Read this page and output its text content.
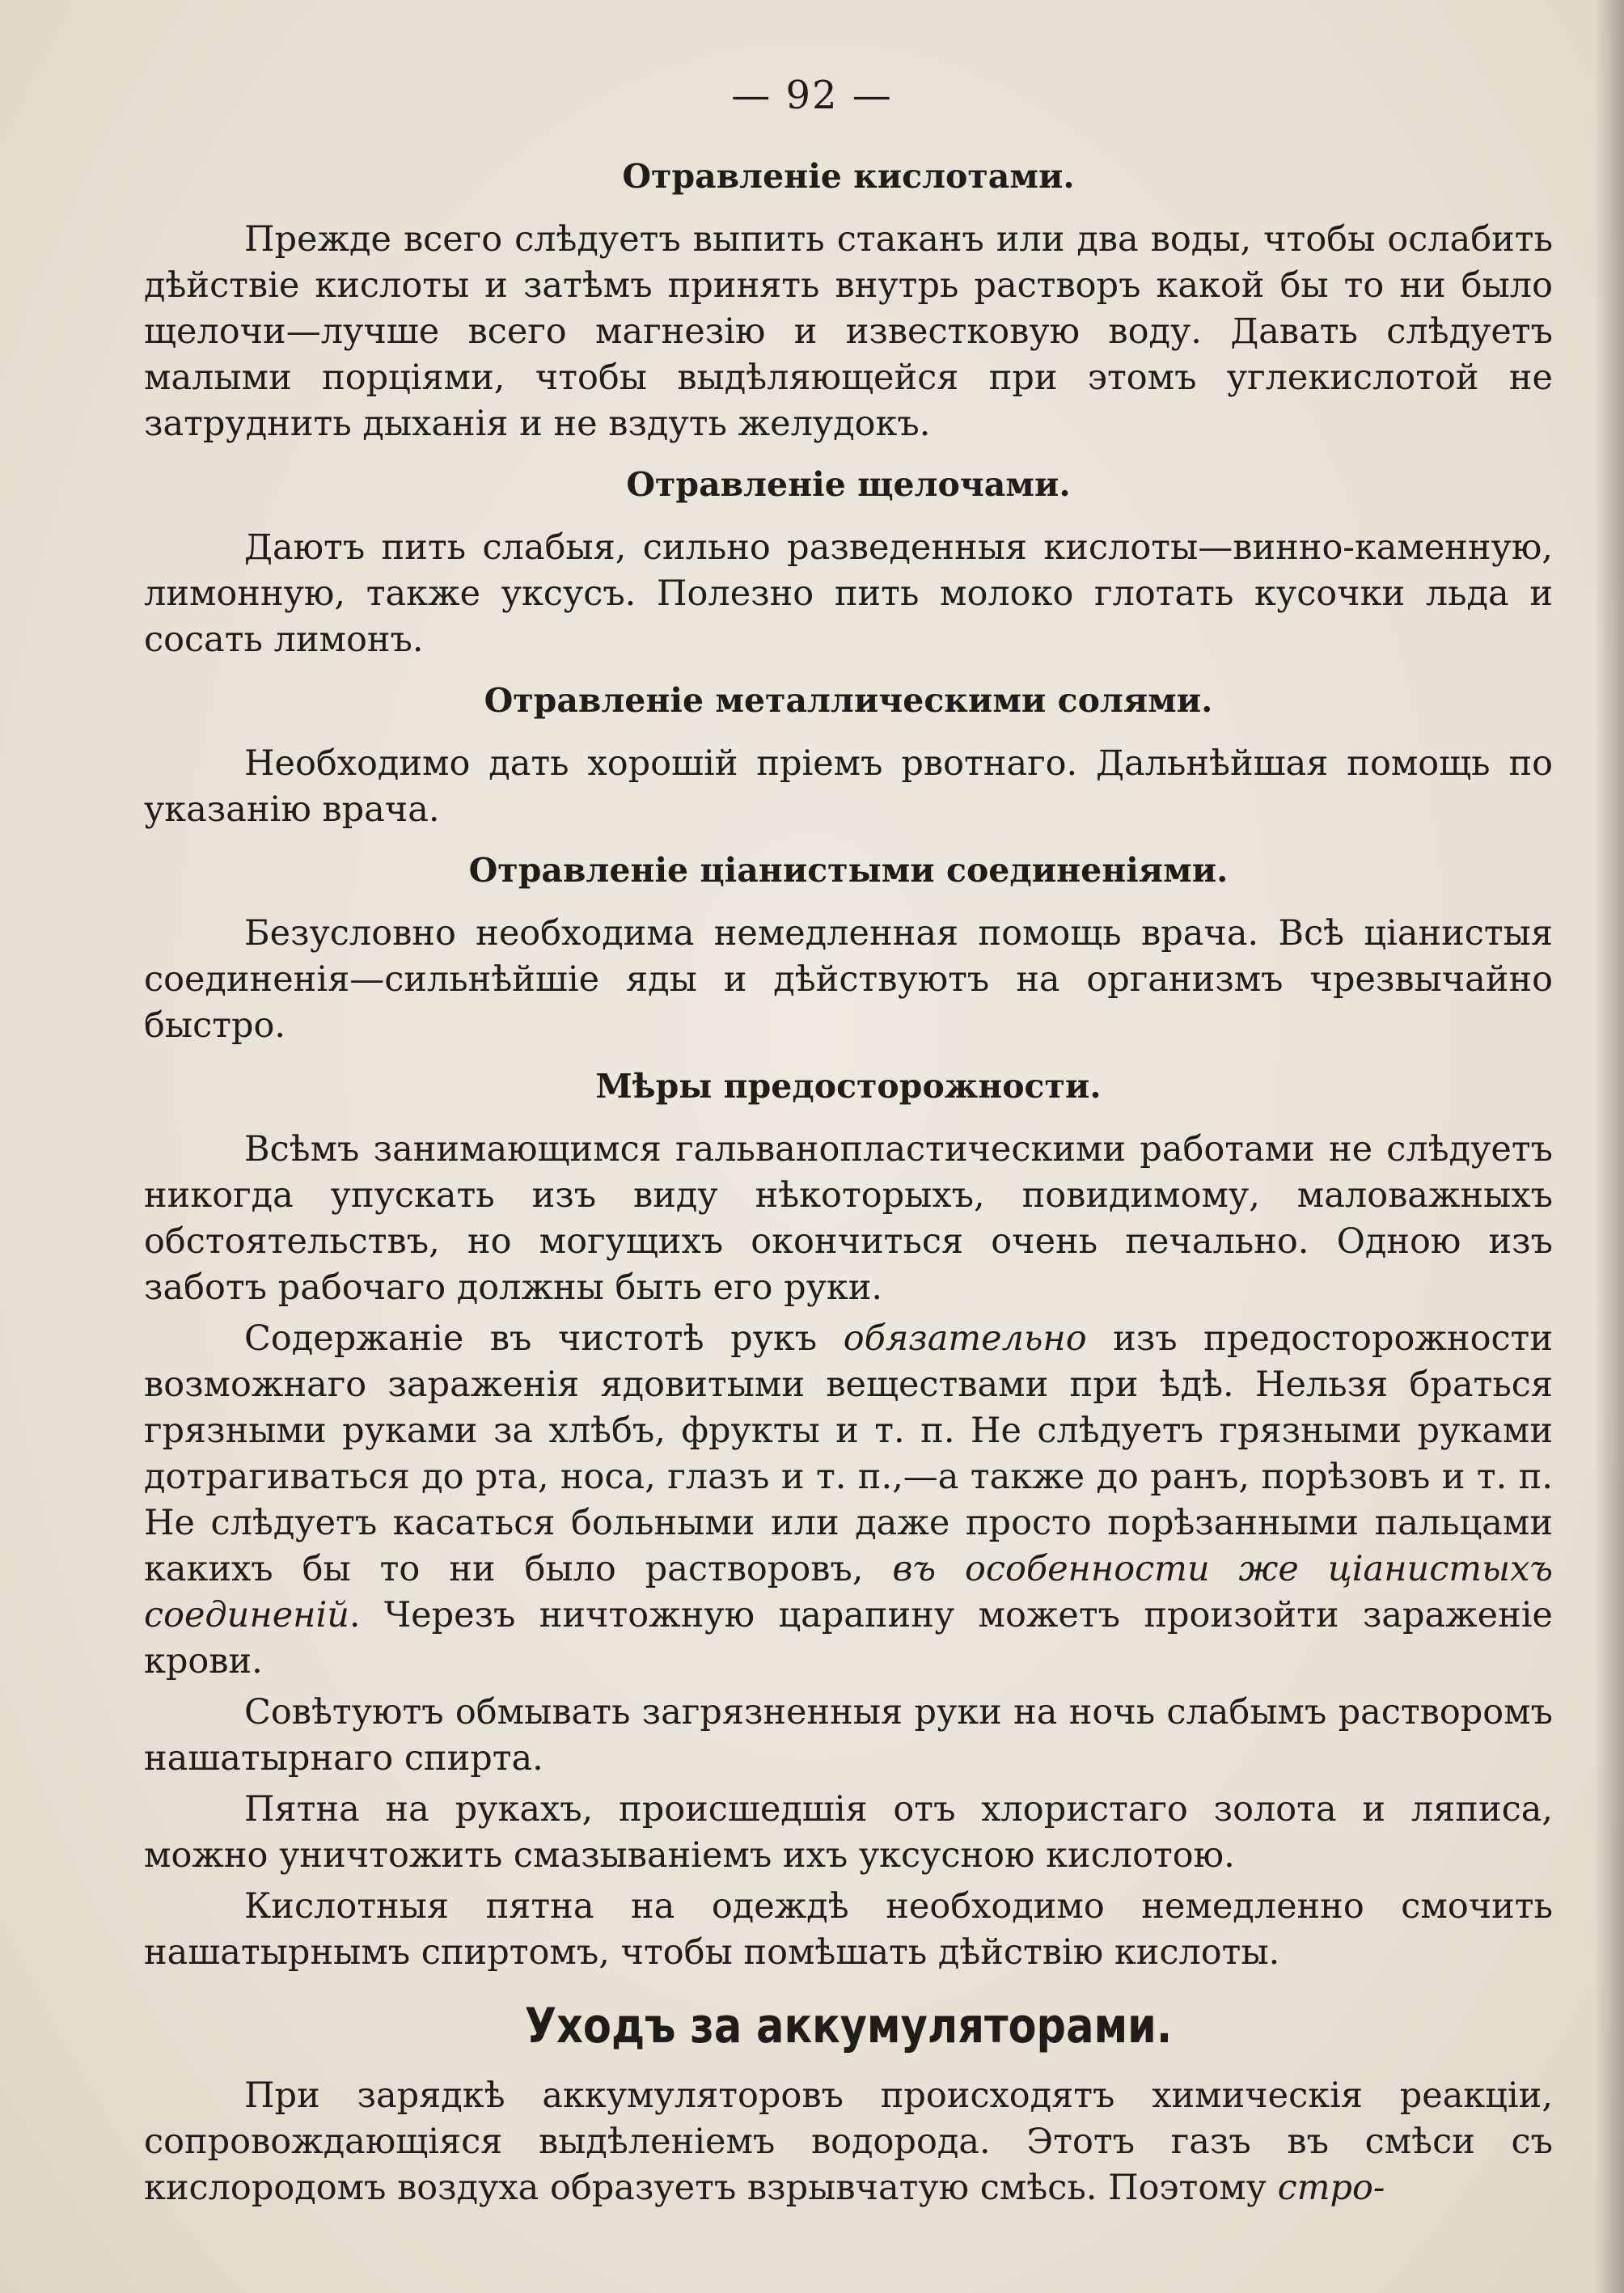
— 92 —
Отравленіе кислотами.

Прежде всего слѣдуетъ выпить стаканъ или два воды, чтобы ослабить дѣйствіе кислоты и затѣмъ принять внутрь растворъ какой бы то ни было щелочи—лучше всего магнезію и известковую воду. Давать слѣдуетъ малыми порціями, чтобы выдѣляющейся при этомъ углекислотой не затруднить дыханія и не вздуть желудокъ.

Отравленіе щелочами.

Даютъ пить слабыя, сильно разведенныя кислоты—винно-каменную, лимонную, также уксусъ. Полезно пить молоко глотать кусочки льда и сосать лимонъ.

Отравленіе металлическими солями.

Необходимо дать хорошій пріемъ рвотнаго. Дальнѣйшая помощь по указанію врача.

Отравленіе ціанистыми соединеніями.

Безусловно необходима немедленная помощь врача. Всѣ ціанистыя соединенія—сильнѣйшіе яды и дѣйствуютъ на организмъ чрезвычайно быстро.

Мѣры предосторожности.

Всѣмъ занимающимся гальванопластическими работами не слѣдуетъ никогда упускать изъ виду нѣкоторыхъ, повидимому, маловажныхъ обстоятельствъ, но могущихъ окончиться очень печально. Одною изъ заботъ рабочаго должны быть его руки.

Содержаніе въ чистотѣ рукъ обязательно изъ предосторожности возможнаго зараженія ядовитыми веществами при ѣдѣ. Нельзя браться грязными руками за хлѣбъ, фрукты и т. п. Не слѣдуетъ грязными руками дотрагиваться до рта, носа, глазъ и т. п.,—а также до ранъ, порѣзовъ и т. п. Не слѣдуетъ касаться больными или даже просто порѣзанными пальцами какихъ бы то ни было растворовъ, въ особенности же ціанистыхъ соединеній. Черезъ ничтожную царапину можетъ произойти зараженіе крови.

Совѣтуютъ обмывать загрязненныя руки на ночь слабымъ растворомъ нашатырнаго спирта.

Пятна на рукахъ, происшедшія отъ хлористаго золота и ляписа, можно уничтожить смазываніемъ ихъ уксусною кислотою.

Кислотныя пятна на одеждѣ необходимо немедленно смочить нашатырнымъ спиртомъ, чтобы помѣшать дѣйствію кислоты.

Уходъ за аккумуляторами.

При зарядкѣ аккумуляторовъ происходятъ химическія реакціи, сопровождающіяся выдѣленіемъ водорода. Этотъ газъ въ смѣси съ кислородомъ воздуха образуетъ взрывчатую смѣсь. Поэтому стро-
